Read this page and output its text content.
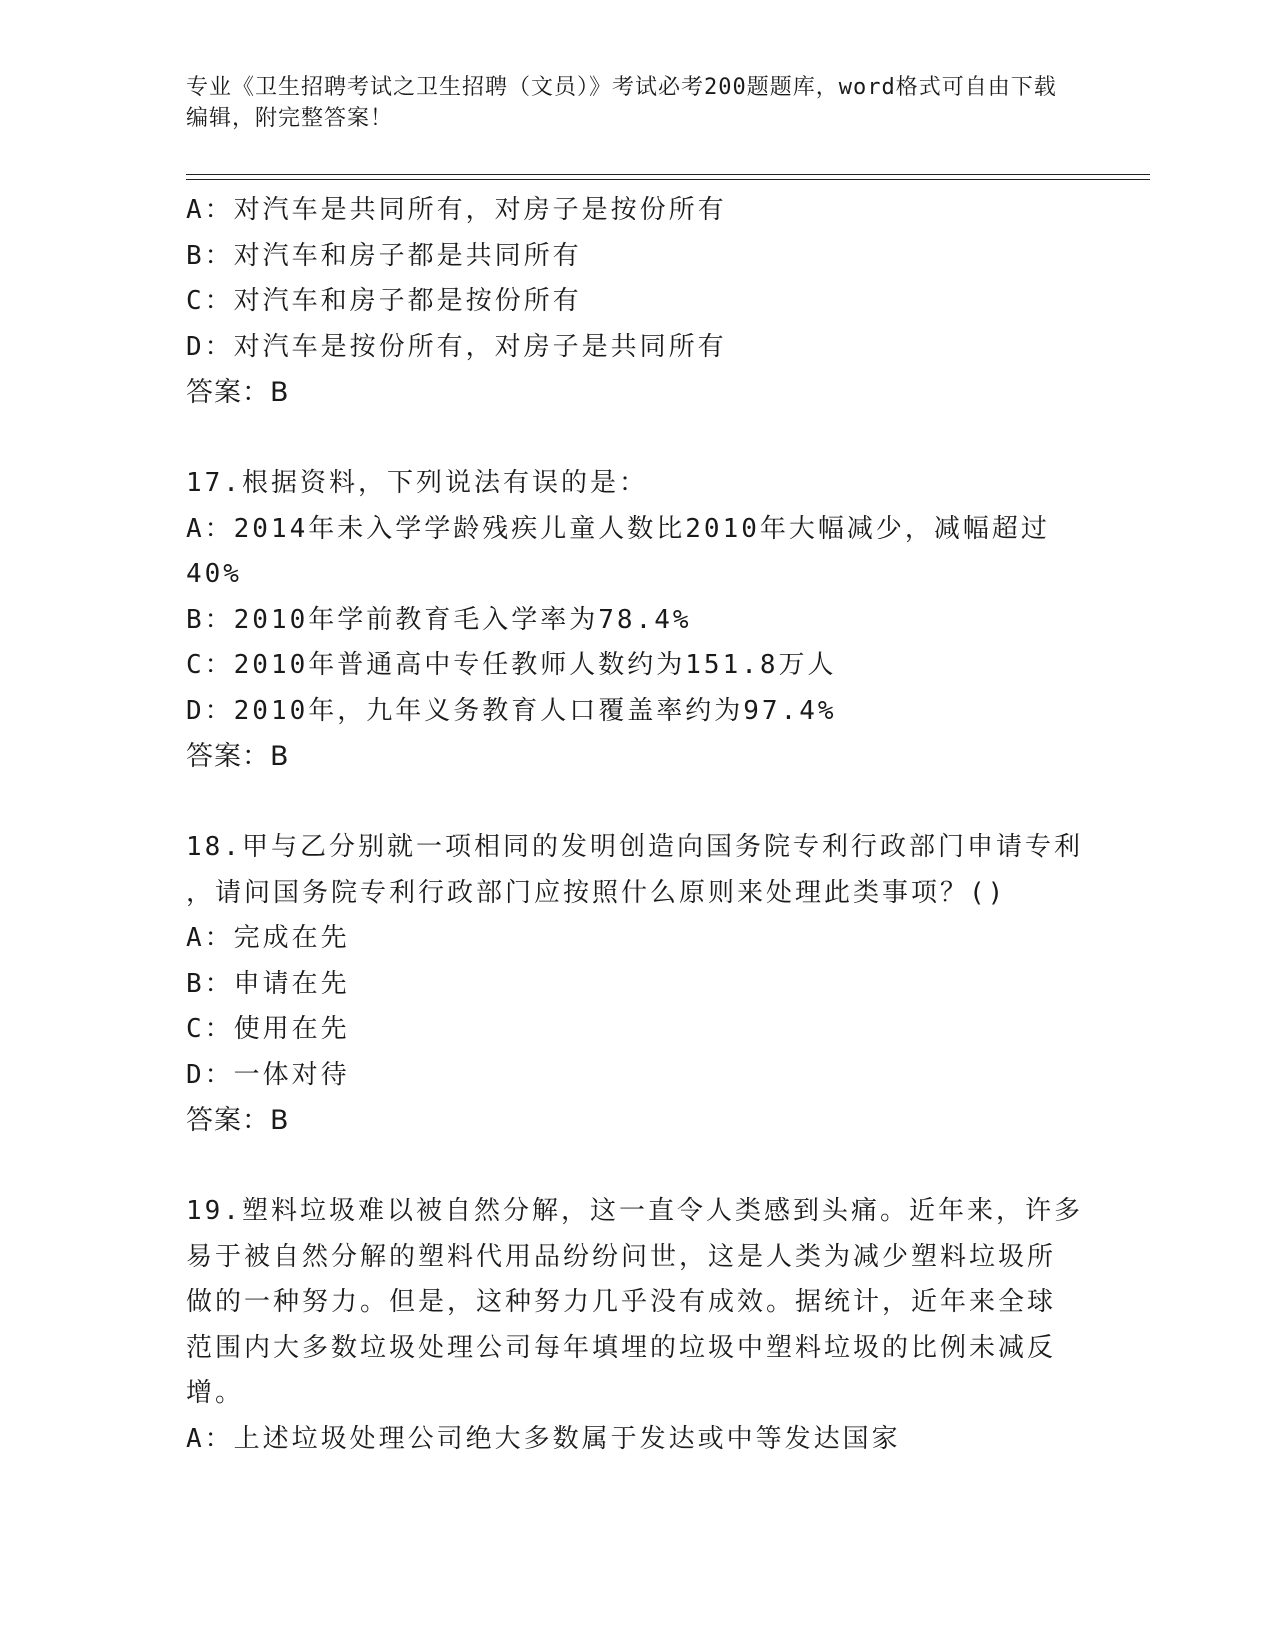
专业《卫生招聘考试之卫生招聘（文员）》考试必考200题题库，word格式可自由下载编辑，附完整答案！
A：对汽车是共同所有，对房子是按份所有
B：对汽车和房子都是共同所有
C：对汽车和房子都是按份所有
D：对汽车是按份所有，对房子是共同所有
答案：B
17.根据资料，下列说法有误的是：
A：2014年未入学学龄残疾儿童人数比2010年大幅减少，减幅超过
40%
B：2010年学前教育毛入学率为78.4%
C：2010年普通高中专任教师人数约为151.8万人
D：2010年，九年义务教育人口覆盖率约为97.4%
答案：B
18.甲与乙分别就一项相同的发明创造向国务院专利行政部门申请专利
，请问国务院专利行政部门应按照什么原则来处理此类事项？()
A：完成在先
B：申请在先
C：使用在先
D：一体对待
答案：B
19.塑料垃圾难以被自然分解，这一直令人类感到头痛。近年来，许多
易于被自然分解的塑料代用品纷纷问世，这是人类为减少塑料垃圾所
做的一种努力。但是，这种努力几乎没有成效。据统计，近年来全球
范围内大多数垃圾处理公司每年填埋的垃圾中塑料垃圾的比例未减反
增。
A：上述垃圾处理公司绝大多数属于发达或中等发达国家
